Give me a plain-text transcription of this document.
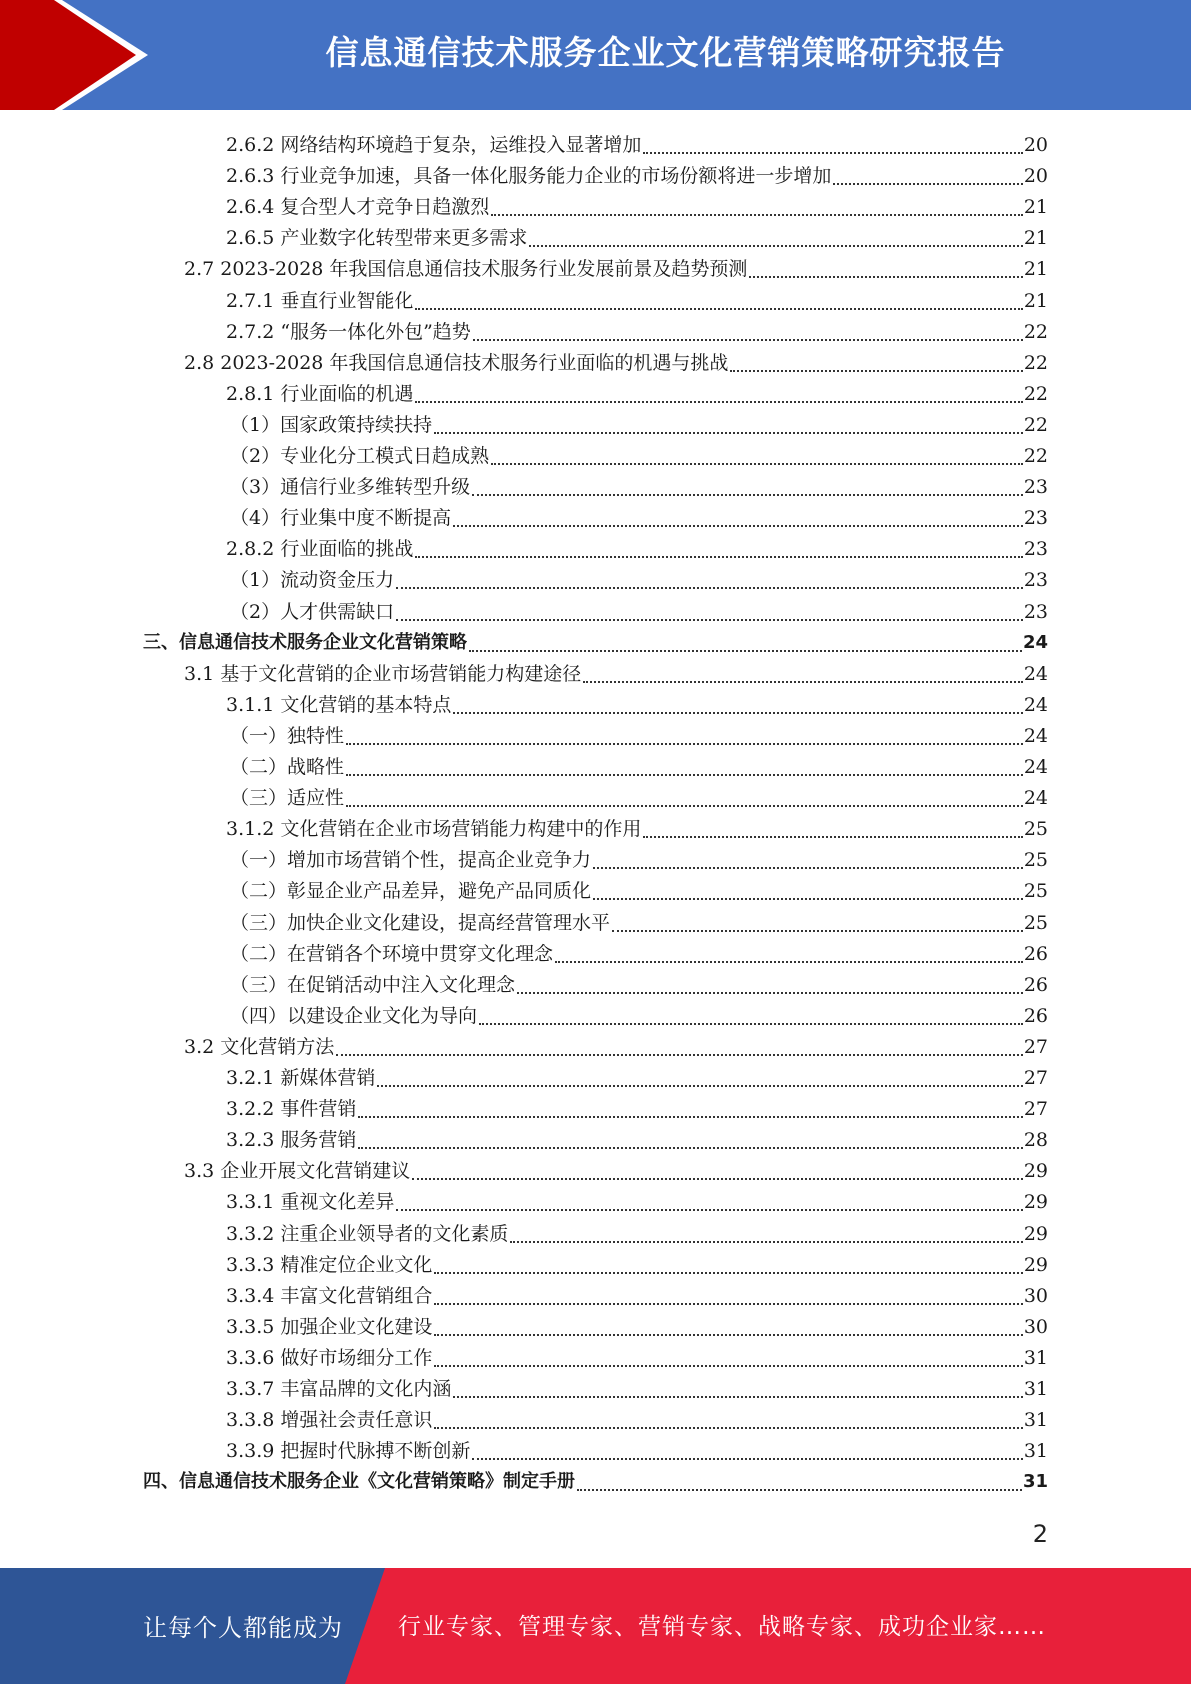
信息通信技术服务企业文化营销策略研究报告
2.6.2 网络结构环境趋于复杂，运维投入显著增加	20
2.6.3 行业竞争加速，具备一体化服务能力企业的市场份额将进一步增加	20
2.6.4 复合型人才竞争日趋激烈	21
2.6.5 产业数字化转型带来更多需求	21
2.7 2023-2028 年我国信息通信技术服务行业发展前景及趋势预测	21
2.7.1 垂直行业智能化	21
2.7.2 “服务一体化外包”趋势	22
2.8 2023-2028 年我国信息通信技术服务行业面临的机遇与挑战	22
2.8.1 行业面临的机遇	22
（1）国家政策持续扶持	22
（2）专业化分工模式日趋成熟	22
（3）通信行业多维转型升级	23
（4）行业集中度不断提高	23
2.8.2 行业面临的挑战	23
（1）流动资金压力	23
（2）人才供需缺口	23
三、信息通信技术服务企业文化营销策略	24
3.1 基于文化营销的企业市场营销能力构建途径	24
3.1.1 文化营销的基本特点	24
（一）独特性	24
（二）战略性	24
（三）适应性	24
3.1.2 文化营销在企业市场营销能力构建中的作用	25
（一）增加市场营销个性，提高企业竞争力	25
（二）彰显企业产品差异，避免产品同质化	25
（三）加快企业文化建设，提高经营管理水平	25
（二）在营销各个环境中贯穿文化理念	26
（三）在促销活动中注入文化理念	26
（四）以建设企业文化为导向	26
3.2 文化营销方法	27
3.2.1 新媒体营销	27
3.2.2 事件营销	27
3.2.3 服务营销	28
3.3 企业开展文化营销建议	29
3.3.1 重视文化差异	29
3.3.2 注重企业领导者的文化素质	29
3.3.3 精准定位企业文化	29
3.3.4 丰富文化营销组合	30
3.3.5 加强企业文化建设	30
3.3.6 做好市场细分工作	31
3.3.7 丰富品牌的文化内涵	31
3.3.8 增强社会责任意识	31
3.3.9 把握时代脉搏不断创新	31
四、信息通信技术服务企业《文化营销策略》制定手册	31
2
让每个人都能成为 行业专家、管理专家、营销专家、战略专家、成功企业家……
